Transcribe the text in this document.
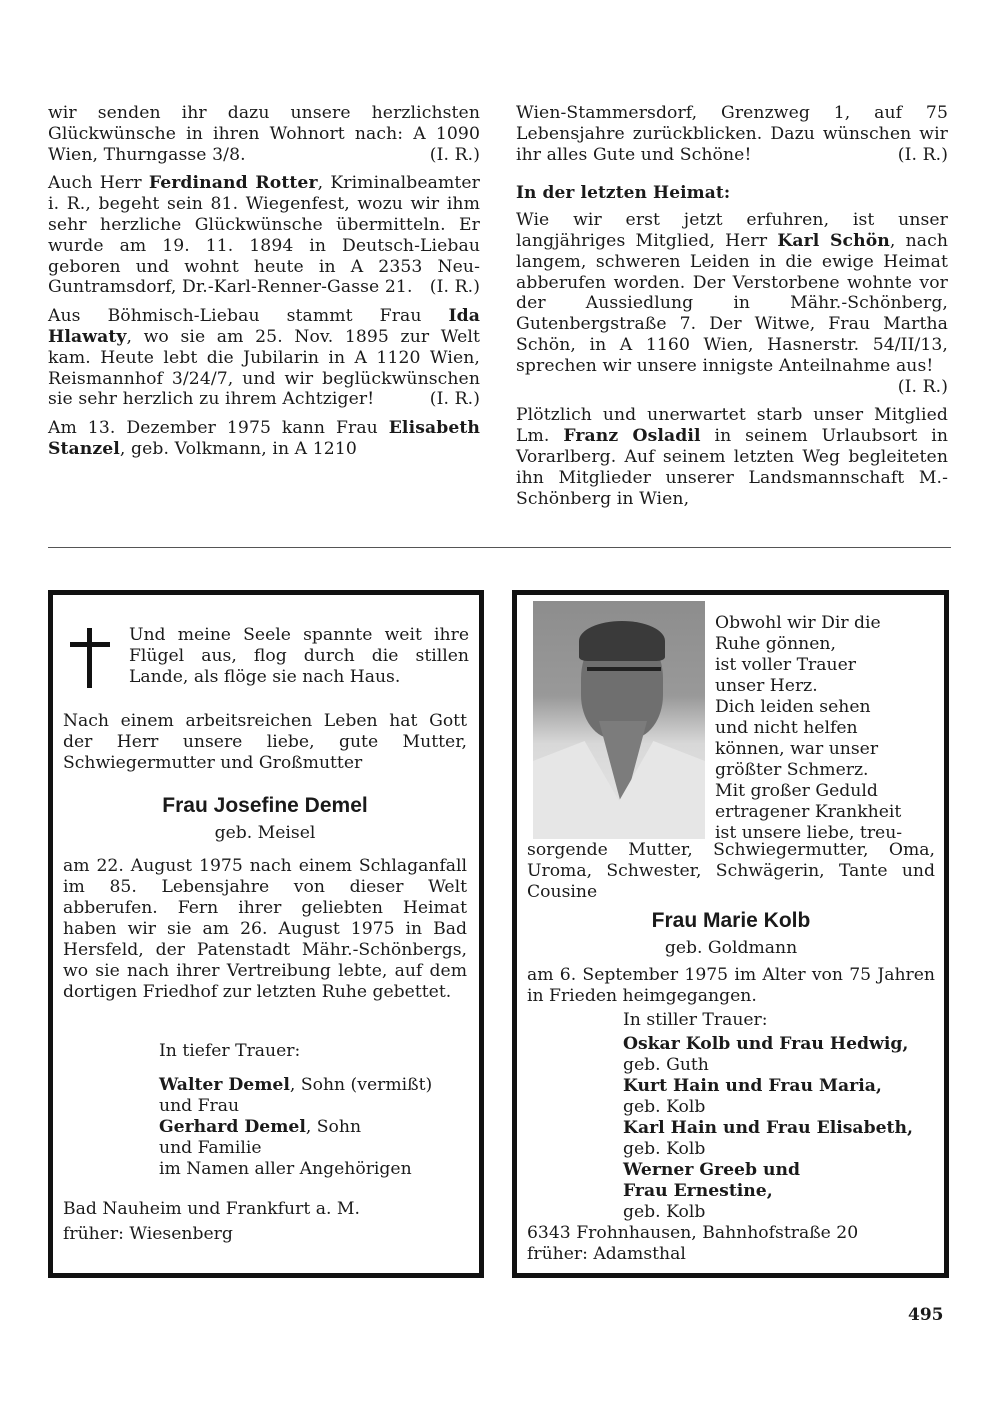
wir senden ihr dazu unsere herzlichsten Glückwünsche in ihren Wohnort nach: A 1090 Wien, Thurngasse 3/8.	(I. R.)

Auch Herr Ferdinand Rotter, Kriminalbeamter i. R., begeht sein 81. Wiegenfest, wozu wir ihm sehr herzliche Glückwünsche übermitteln. Er wurde am 19. 11. 1894 in Deutsch-Liebau geboren und wohnt heute in A 2353 Neu-Guntramsdorf, Dr.-Karl-Renner-Gasse 21. (I. R.)

Aus Böhmisch-Liebau stammt Frau Ida Hlawaty, wo sie am 25. Nov. 1895 zur Welt kam. Heute lebt die Jubilarin in A 1120 Wien, Reismannhof 3/24/7, und wir beglückwünschen sie sehr herzlich zu ihrem Achtziger!	(I. R.)

Am 13. Dezember 1975 kann Frau Elisabeth Stanzel, geb. Volkmann, in A 1210

Wien-Stammersdorf, Grenzweg 1, auf 75 Lebensjahre zurückblicken. Dazu wünschen wir ihr alles Gute und Schöne!	(I. R.)

In der letzten Heimat:

Wie wir erst jetzt erfuhren, ist unser langjähriges Mitglied, Herr Karl Schön, nach langem, schweren Leiden in die ewige Heimat abberufen worden. Der Verstorbene wohnte vor der Aussiedlung in Mähr.-Schönberg, Gutenbergstraße 7. Der Witwe, Frau Martha Schön, in A 1160 Wien, Hasnerstr. 54/II/13, sprechen wir unsere innigste Anteilnahme aus!
(I. R.)

Plötzlich und unerwartet starb unser Mitglied Lm. Franz Osladil in seinem Urlaubsort in Vorarlberg. Auf seinem letzten Weg begleiteten ihn Mitglieder unserer Landsmannschaft M.-Schönberg in Wien,

Und meine Seele spannte weit ihre Flügel aus, flog durch die stillen Lande, als flöge sie nach Haus.
Nach einem arbeitsreichen Leben hat Gott der Herr unsere liebe, gute Mutter, Schwiegermutter und Großmutter
Frau Josefine Demel
geb. Meisel
am 22. August 1975 nach einem Schlaganfall im 85. Lebensjahre von dieser Welt abberufen. Fern ihrer geliebten Heimat haben wir sie am 26. August 1975 in Bad Hersfeld, der Patenstadt Mähr.-Schönbergs, wo sie nach ihrer Vertreibung lebte, auf dem dortigen Friedhof zur letzten Ruhe gebettet.
In tiefer Trauer:
Walter Demel, Sohn (vermißt)
und Frau
Gerhard Demel, Sohn
und Familie
im Namen aller Angehörigen
Bad Nauheim und Frankfurt a. M.
früher: Wiesenberg
Obwohl wir Dir die
Ruhe gönnen,
ist voller Trauer
unser Herz.
Dich leiden sehen
und nicht helfen
können, war unser
größter Schmerz.
Mit großer Geduld
ertragener Krankheit
ist unsere liebe, treu-
sorgende Mutter, Schwiegermutter, Oma, Uroma, Schwester, Schwägerin, Tante und Cousine
Frau Marie Kolb
geb. Goldmann
am 6. September 1975 im Alter von 75 Jahren in Frieden heimgegangen.
In stiller Trauer:
Oskar Kolb und Frau Hedwig,
geb. Guth
Kurt Hain und Frau Maria,
geb. Kolb
Karl Hain und Frau Elisabeth,
geb. Kolb
Werner Greeb und
Frau Ernestine,
geb. Kolb
6343 Frohnhausen, Bahnhofstraße 20
früher: Adamsthal
495
